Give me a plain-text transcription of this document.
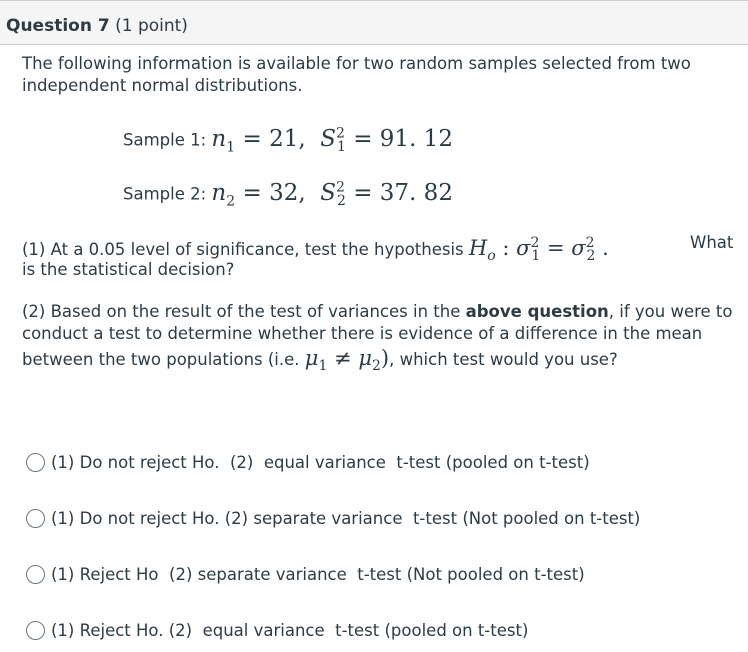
Question 7 (1 point)
The following information is available for two random samples selected from two
independent normal distributions.
Sample 1: $n_1 = 21$, $S^2_1 = 91$. 12
Sample 2: $n_2 = 32$, $S^2_2 = 37$. 82
(1) At a 0.05 level of significance, test the hypothesis $H_o$ : $\sigma^2_1 = \sigma^2_2$ .	What
is the statistical decision?
(2) Based on the result of the test of variances in the above question, if you were to
conduct a test to determine whether there is evidence of a difference in the mean
between the two populations (i.e. $\mu_1 \ne \mu_2$), which test would you use?
(1) Do not reject Ho.  (2)  equal variance  t-test (pooled on t-test)
(1) Do not reject Ho. (2) separate variance  t-test (Not pooled on t-test)
(1) Reject Ho  (2) separate variance  t-test (Not pooled on t-test)
(1) Reject Ho. (2)  equal variance  t-test (pooled on t-test)
